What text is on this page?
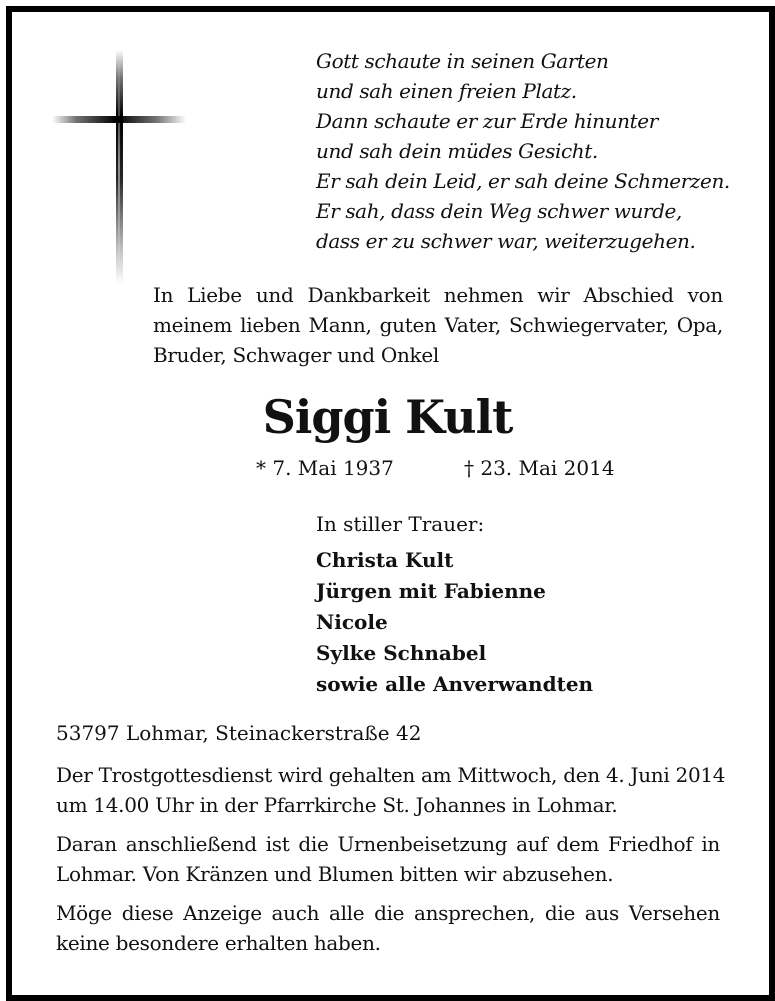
Gott schaute in seinen Garten
und sah einen freien Platz.
Dann schaute er zur Erde hinunter
und sah dein müdes Gesicht.
Er sah dein Leid, er sah deine Schmerzen.
Er sah, dass dein Weg schwer wurde,
dass er zu schwer war, weiterzugehen.
In Liebe und Dankbarkeit nehmen wir Abschied von
meinem lieben Mann, guten Vater, Schwiegervater, Opa,
Bruder, Schwager und Onkel
Siggi Kult
* 7. Mai 1937	† 23. Mai 2014
In stiller Trauer:
Christa Kult
Jürgen mit Fabienne
Nicole
Sylke Schnabel
sowie alle Anverwandten
53797 Lohmar, Steinackerstraße 42
Der Trostgottesdienst wird gehalten am Mittwoch, den 4. Juni 2014
um 14.00 Uhr in der Pfarrkirche St. Johannes in Lohmar.
Daran anschließend ist die Urnenbeisetzung auf dem Friedhof in
Lohmar. Von Kränzen und Blumen bitten wir abzusehen.
Möge diese Anzeige auch alle die ansprechen, die aus Versehen
keine besondere erhalten haben.
